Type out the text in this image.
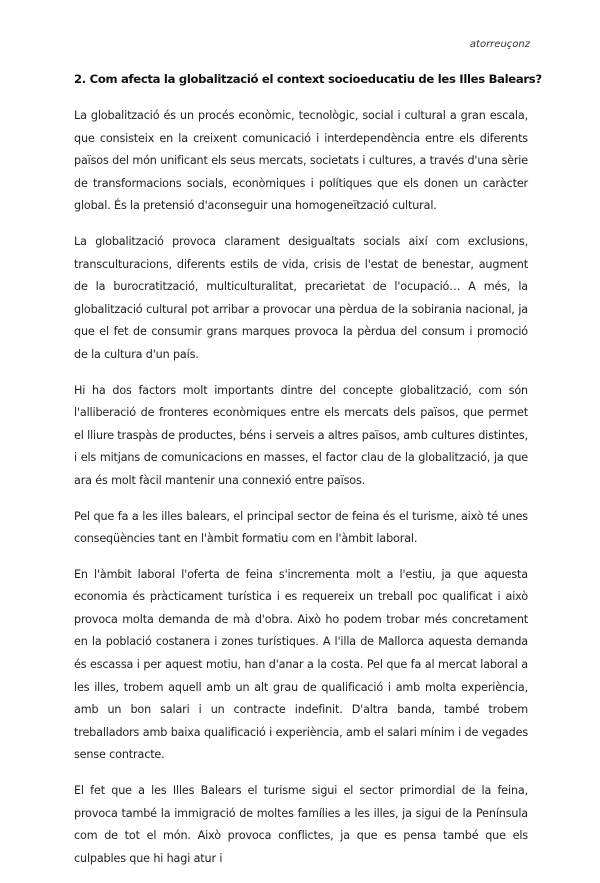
atorreuçonz
2. Com afecta la globalització el context socioeducatiu de les Illes Balears?

La globalització és un procés econòmic, tecnològic, social i cultural a gran escala, que consisteix en la creixent comunicació i interdependència entre els diferents països del món unificant els seus mercats, societats i cultures, a través d'una sèrie de transformacions socials, econòmiques i polítiques que els donen un caràcter global. És la pretensió d'aconseguir una homogeneïtzació cultural.

La globalització provoca clarament desigualtats socials així com exclusions, transculturacions, diferents estils de vida, crisis de l'estat de benestar, augment de la burocratització, multiculturalitat, precarietat de l'ocupació… A més, la globalització cultural pot arribar a provocar una pèrdua de la sobirania nacional, ja que el fet de consumir grans marques provoca la pèrdua del consum i promoció de la cultura d'un país.

Hi ha dos factors molt importants dintre del concepte globalització, com són l'alliberació de fronteres econòmiques entre els mercats dels països, que permet el lliure traspàs de productes, béns i serveis a altres països, amb cultures distintes, i els mitjans de comunicacions en masses, el factor clau de la globalització, ja que ara és molt fàcil mantenir una connexió entre països.

Pel que fa a les illes balears, el principal sector de feina és el turisme, això té unes conseqüències tant en l'àmbit formatiu com en l'àmbit laboral.

En l'àmbit laboral l'oferta de feina s'incrementa molt a l'estiu, ja que aquesta economia és pràcticament turística i es requereix un treball poc qualificat i això provoca molta demanda de mà d'obra. Això ho podem trobar més concretament en la població costanera i zones turístiques. A l'illa de Mallorca aquesta demanda és escassa i per aquest motiu, han d'anar a la costa. Pel que fa al mercat laboral a les illes, trobem aquell amb un alt grau de qualificació i amb molta experiència, amb un bon salari i un contracte indefinit. D'altra banda, també trobem treballadors amb baixa qualificació i experiència, amb el salari mínim i de vegades sense contracte.

El fet que a les Illes Balears el turisme sigui el sector primordial de la feina, provoca també la immigració de moltes famílies a les illes, ja sigui de la Península com de tot el món. Això provoca conflictes, ja que es pensa també que els culpables que hi hagi atur i
